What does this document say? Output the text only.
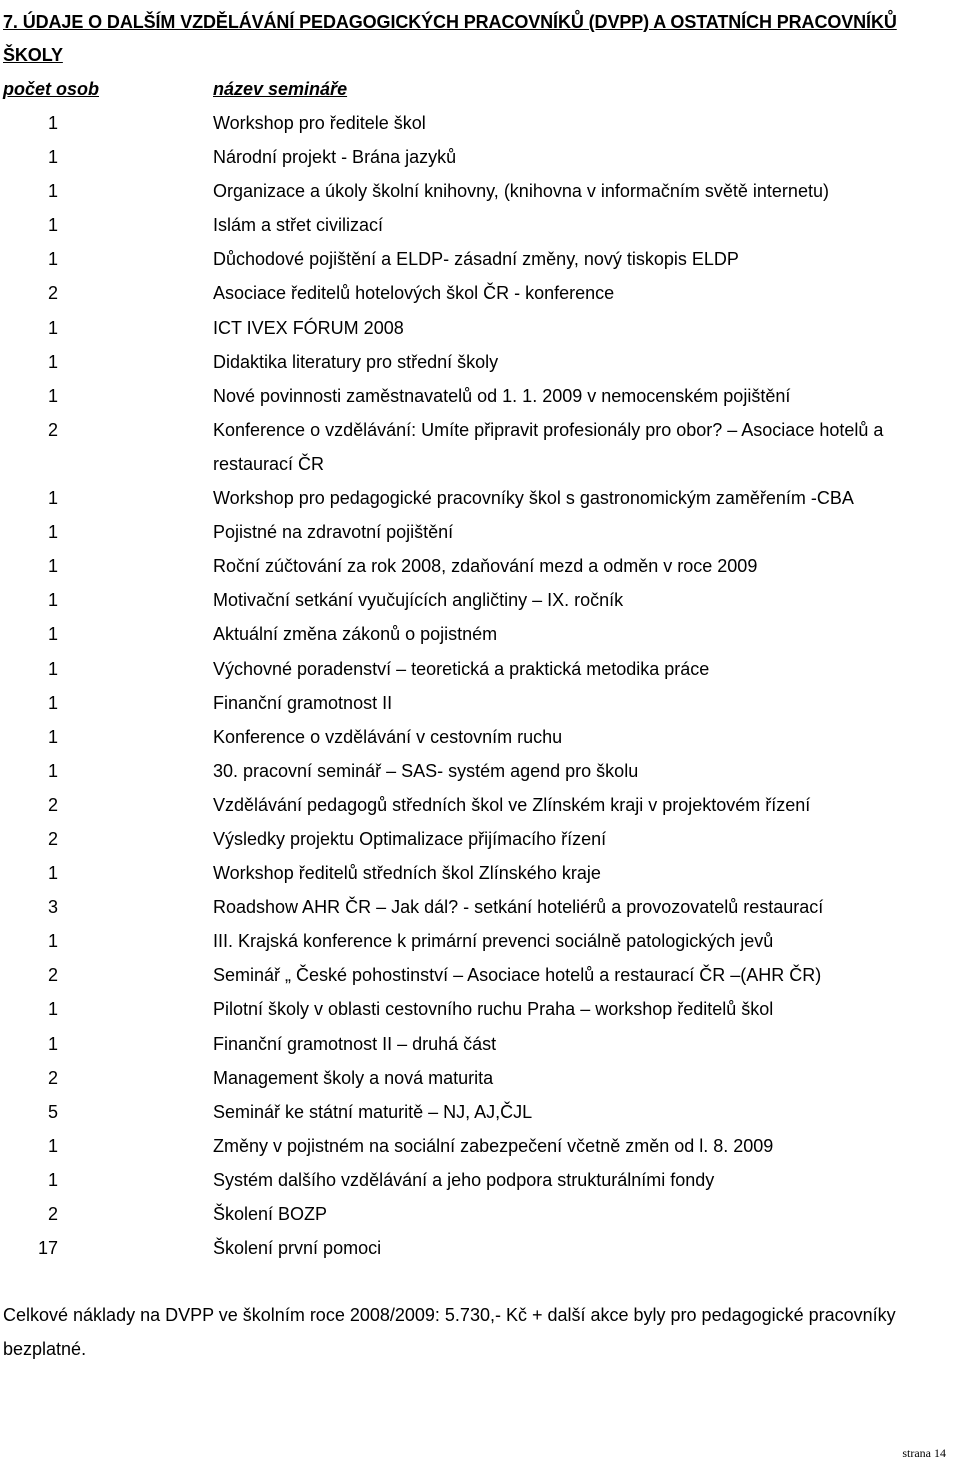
7. ÚDAJE O DALŠÍM VZDĚLÁVÁNÍ PEDAGOGICKÝCH PRACOVNÍKŮ (DVPP) A OSTATNÍCH PRACOVNÍKŮ ŠKOLY
počet osob	název semináře
1	Workshop pro ředitele škol
1	Národní projekt - Brána jazyků
1	Organizace a úkoly školní knihovny, (knihovna v informačním světě internetu)
1	Islám a střet civilizací
1	Důchodové pojištění a ELDP- zásadní změny, nový tiskopis ELDP
2	Asociace ředitelů hotelových škol ČR - konference
1	ICT IVEX FÓRUM 2008
1	Didaktika literatury pro střední školy
1	Nové povinnosti zaměstnavatelů od 1. 1. 2009 v nemocenském pojištění
2	Konference o vzdělávání: Umíte připravit profesionály pro obor? – Asociace hotelů a restaurací ČR
1	Workshop pro pedagogické pracovníky škol s gastronomickým zaměřením -CBA
1	Pojistné na zdravotní pojištění
1	Roční zúčtování za rok 2008, zdaňování mezd a odměn v roce 2009
1	Motivační setkání vyučujících angličtiny – IX. ročník
1	Aktuální změna zákonů o pojistném
1	Výchovné poradenství – teoretická a praktická metodika práce
1	Finanční gramotnost II
1	Konference o vzdělávání v cestovním ruchu
1	30. pracovní seminář – SAS- systém agend pro školu
2	Vzdělávání pedagogů středních škol ve Zlínském kraji v projektovém řízení
2	Výsledky projektu Optimalizace přijímacího řízení
1	Workshop ředitelů středních škol Zlínského kraje
3	Roadshow AHR ČR – Jak dál? - setkání hoteliérů a provozovatelů restaurací
1	III. Krajská konference k primární prevenci sociálně patologických jevů
2	Seminář „ České pohostinství – Asociace hotelů a restaurací ČR –(AHR ČR)
1	Pilotní školy v oblasti cestovního ruchu Praha – workshop ředitelů škol
1	Finanční gramotnost II – druhá část
2	Management školy a nová maturita
5	Seminář ke státní maturitě – NJ, AJ,ČJL
1	Změny v pojistném na sociální zabezpečení včetně změn od l. 8. 2009
1	Systém dalšího vzdělávání a jeho podpora strukturálními fondy
2	Školení BOZP
17	Školení první pomoci
Celkové náklady na DVPP ve školním roce 2008/2009: 5.730,- Kč + další akce byly pro pedagogické pracovníky bezplatné.
strana 14
